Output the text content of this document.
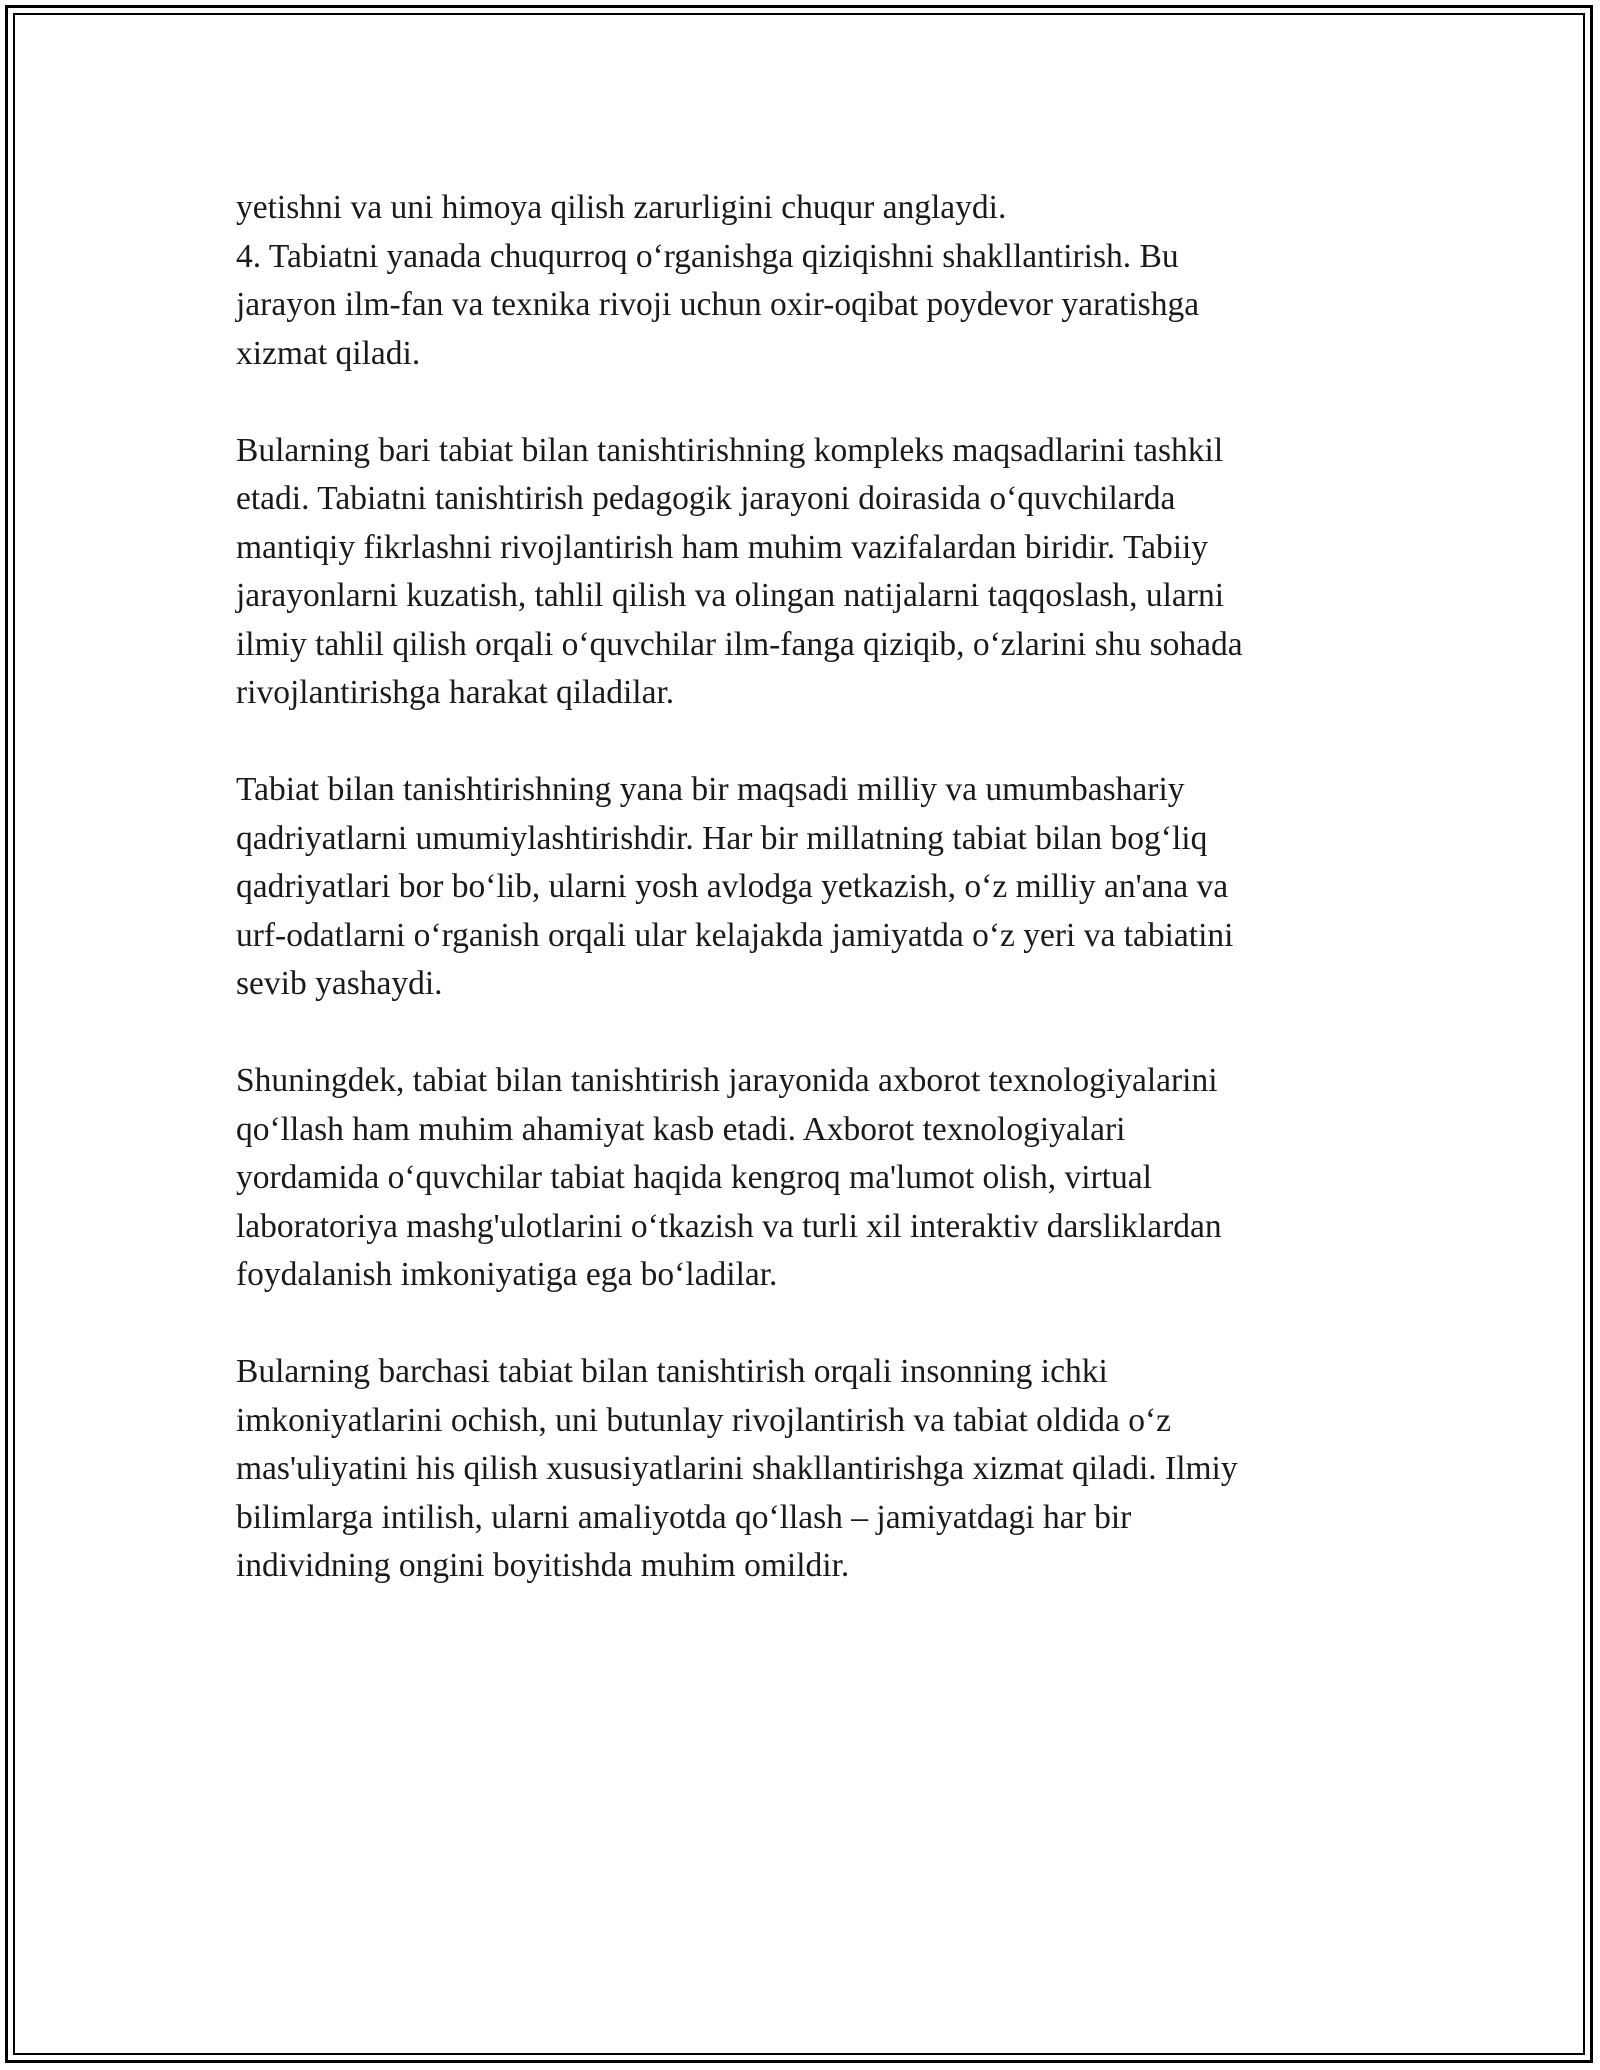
yetishni va uni himoya qilish zarurligini chuqur anglaydi.

4. Tabiatni yanada chuqurroq o‘rganishga qiziqishni shakllantirish. Bu
jarayon ilm-fan va texnika rivoji uchun oxir-oqibat poydevor yaratishga
xizmat qiladi.

Bularning bari tabiat bilan tanishtirishning kompleks maqsadlarini tashkil
etadi. Tabiatni tanishtirish pedagogik jarayoni doirasida o‘quvchilarda
mantiqiy fikrlashni rivojlantirish ham muhim vazifalardan biridir. Tabiiy
jarayonlarni kuzatish, tahlil qilish va olingan natijalarni taqqoslash, ularni
ilmiy tahlil qilish orqali o‘quvchilar ilm-fanga qiziqib, o‘zlarini shu sohada
rivojlantirishga harakat qiladilar.

Tabiat bilan tanishtirishning yana bir maqsadi milliy va umumbashariy
qadriyatlarni umumiylashtirishdir. Har bir millatning tabiat bilan bog‘liq
qadriyatlari bor bo‘lib, ularni yosh avlodga yetkazish, o‘z milliy an'ana va
urf-odatlarni o‘rganish orqali ular kelajakda jamiyatda o‘z yeri va tabiatini
sevib yashaydi.

Shuningdek, tabiat bilan tanishtirish jarayonida axborot texnologiyalarini
qo‘llash ham muhim ahamiyat kasb etadi. Axborot texnologiyalari
yordamida o‘quvchilar tabiat haqida kengroq ma'lumot olish, virtual
laboratoriya mashg'ulotlarini o‘tkazish va turli xil interaktiv darsliklardan
foydalanish imkoniyatiga ega bo‘ladilar.

Bularning barchasi tabiat bilan tanishtirish orqali insonning ichki
imkoniyatlarini ochish, uni butunlay rivojlantirish va tabiat oldida o‘z
mas'uliyatini his qilish xususiyatlarini shakllantirishga xizmat qiladi. Ilmiy
bilimlarga intilish, ularni amaliyotda qo‘llash – jamiyatdagi har bir
individning ongini boyitishda muhim omildir.
